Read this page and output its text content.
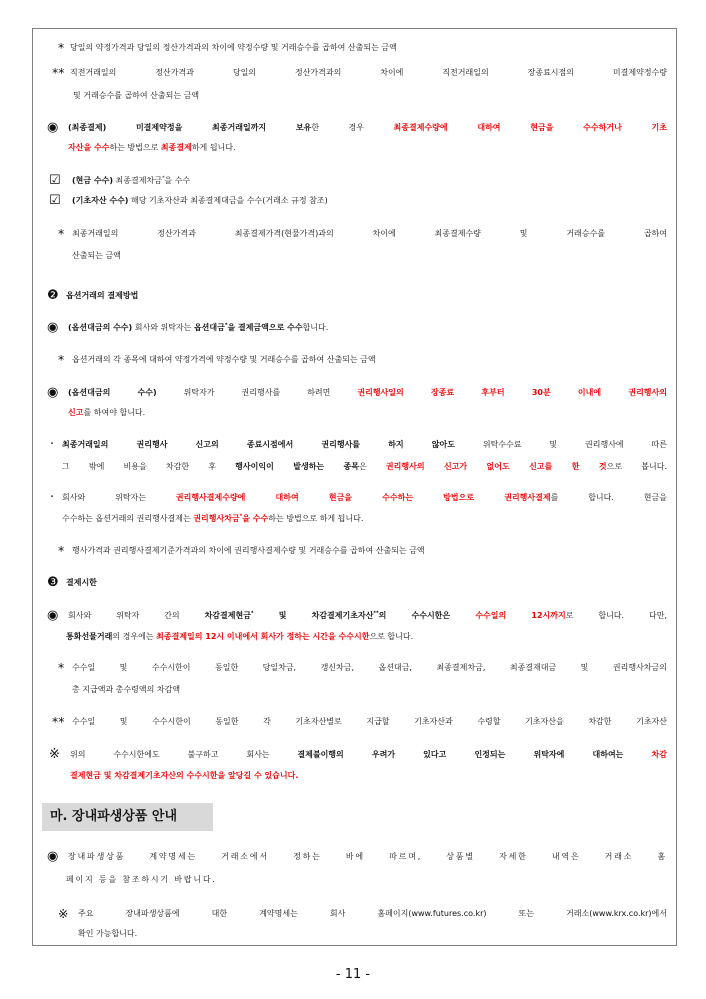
* 당일의 약정가격과 당일의 정산가격과의 차이에 약정수량 및 거래승수를 곱하여 산출되는 금액
** 직전거래일의 정산가격과 당일의 정산가격과의 차이에 직전거래일의 장종료시점의 미결제약정수량
및 거래승수를 곱하여 산출되는 금액
◉ (최종결제) 미결제약정을 최종거래일까지 보유한 경우 최종결제수량에 대하여 현금을 수수하거나 기초
자산을 수수하는 방법으로 최종결제하게 됩니다.
☑ (현금 수수) 최종결제차금*을 수수
☑ (기초자산 수수) 해당 기초자산과 최종결제대금을 수수(거래소 규정 참조)
* 최종거래일의 정산가격과 최종결제가격(현물가격)과의 차이에 최종결제수량 및 거래승수를 곱하여
산출되는 금액
❷ 옵션거래의 결제방법
◉ (옵션대금의 수수) 회사와 위탁자는 옵션대금*을 결제금액으로 수수합니다.
* 옵션거래의 각 종목에 대하여 약정가격에 약정수량 및 거래승수를 곱하여 산출되는 금액
◉ (옵션대금의 수수) 위탁자가 권리행사를 하려면 권리행사일의 장종료 후부터 30분 이내에 권리행사의
신고를 하여야 합니다.
· 최종거래일의 권리행사 신고의 종료시점에서 권리행사를 하지 않아도 위탁수수료 및 권리행사에 따른
그 밖에 비용을 차감한 후 행사이익이 발생하는 종목은 권리행사의 신고가 없어도 신고를 한 것으로 봅니다.
· 회사와 위탁자는 권리행사결제수량에 대하여 현금을 수수하는 방법으로 권리행사결제를 합니다. 현금을
수수하는 옵션거래의 권리행사결제는 권리행사차금*을 수수하는 방법으로 하게 됩니다.
* 행사가격과 권리행사결제기준가격과의 차이에 권리행사결제수량 및 거래승수를 곱하여 산출되는 금액
❸ 결제시한
◉ 회사와 위탁자 간의 차감결제현금* 및 차감결제기초자산**의 수수시한은 수수일의 12시까지로 합니다. 다만,
통화선물거래의 경우에는 최종결제일의 12시 이내에서 회사가 정하는 시간을 수수시한으로 합니다.
* 수수일 및 수수시한이 동일한 당일차금, 갱신차금, 옵션대금, 최종결제차금, 최종결재대금 및 권리행사차금의
총 지급액과 총수령액의 차감액
** 수수일 및 수수시한이 동일한 각 기초자산별로 지급할 기초자산과 수령할 기초자산을 차감한 기초자산
※ 위의 수수시한에도 불구하고 회사는 결제불이행의 우려가 있다고 인정되는 위탁자에 대하여는 차감
결제현금 및 차감결제기초자산의 수수시한을 앞당길 수 있습니다.
마. 장내파생상품 안내
◉ 장내파생상품 계약명세는 거래소에서 정하는 바에 따르며, 상품별 자세한 내역은 거래소 홈
페이지 등을 참조하시기 바랍니다.
※ 주요 장내파생상품에 대한 계약명세는 회사 홈페이지(www.futures.co.kr) 또는 거래소(www.krx.co.kr)에서
확인 가능합니다.
- 11 -
